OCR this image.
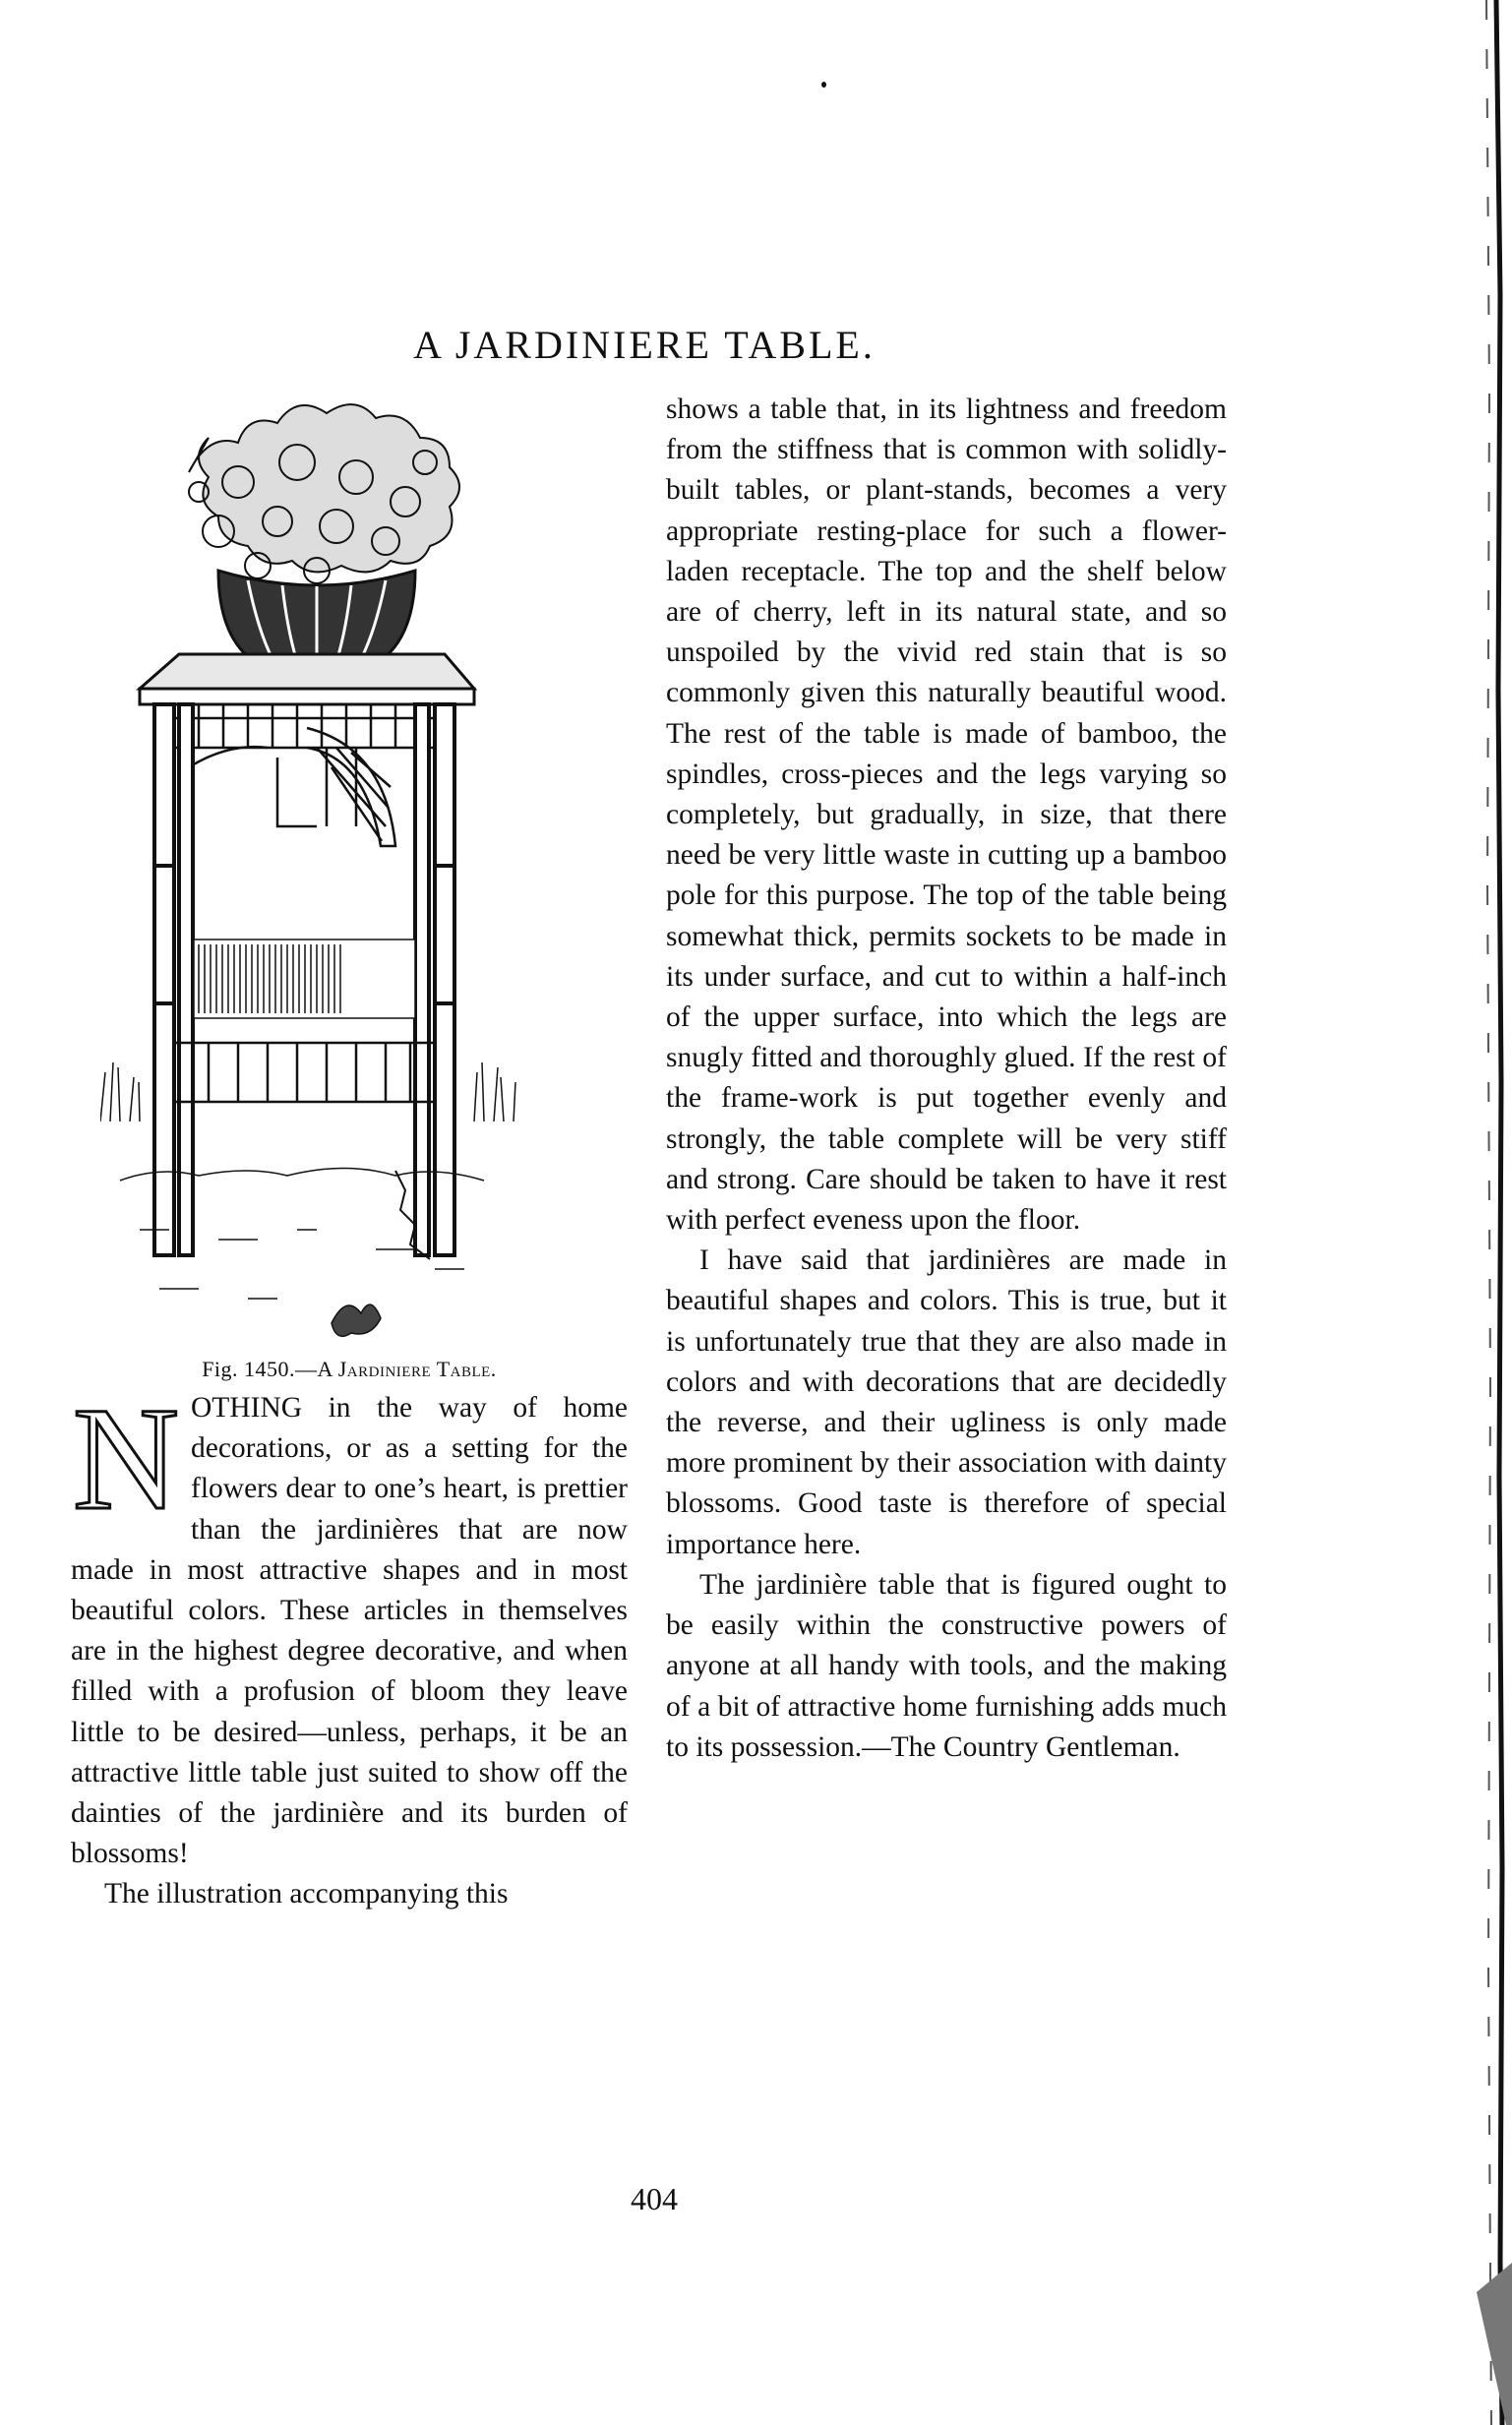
A JARDINIERE TABLE.

Fig. 1450.—A Jardiniere Table.

N OTHING in the way of home decorations, or as a setting for the flowers dear to one’s heart, is prettier than the jardinières that are now made in most attractive shapes and in most beautiful colors. These articles in themselves are in the highest degree decorative, and when filled with a profusion of bloom they leave little to be desired—unless, perhaps, it be an attractive little table just suited to show off the dainties of the jardinière and its burden of blossoms!

The illustration accompanying this

shows a table that, in its lightness and freedom from the stiffness that is common with solidly-built tables, or plant-stands, becomes a very appropriate resting-place for such a flower-laden receptacle. The top and the shelf below are of cherry, left in its natural state, and so unspoiled by the vivid red stain that is so commonly given this naturally beautiful wood. The rest of the table is made of bamboo, the spindles, cross-pieces and the legs varying so completely, but gradually, in size, that there need be very little waste in cutting up a bamboo pole for this purpose. The top of the table being somewhat thick, permits sockets to be made in its under surface, and cut to within a half-inch of the upper surface, into which the legs are snugly fitted and thoroughly glued. If the rest of the frame-work is put together evenly and strongly, the table complete will be very stiff and strong. Care should be taken to have it rest with perfect eveness upon the floor.

I have said that jardinières are made in beautiful shapes and colors. This is true, but it is unfortunately true that they are also made in colors and with decorations that are decidedly the reverse, and their ugliness is only made more prominent by their association with dainty blossoms. Good taste is therefore of special importance here.

The jardinière table that is figured ought to be easily within the constructive powers of anyone at all handy with tools, and the making of a bit of attractive home furnishing adds much to its possession.—The Country Gentleman.

404
